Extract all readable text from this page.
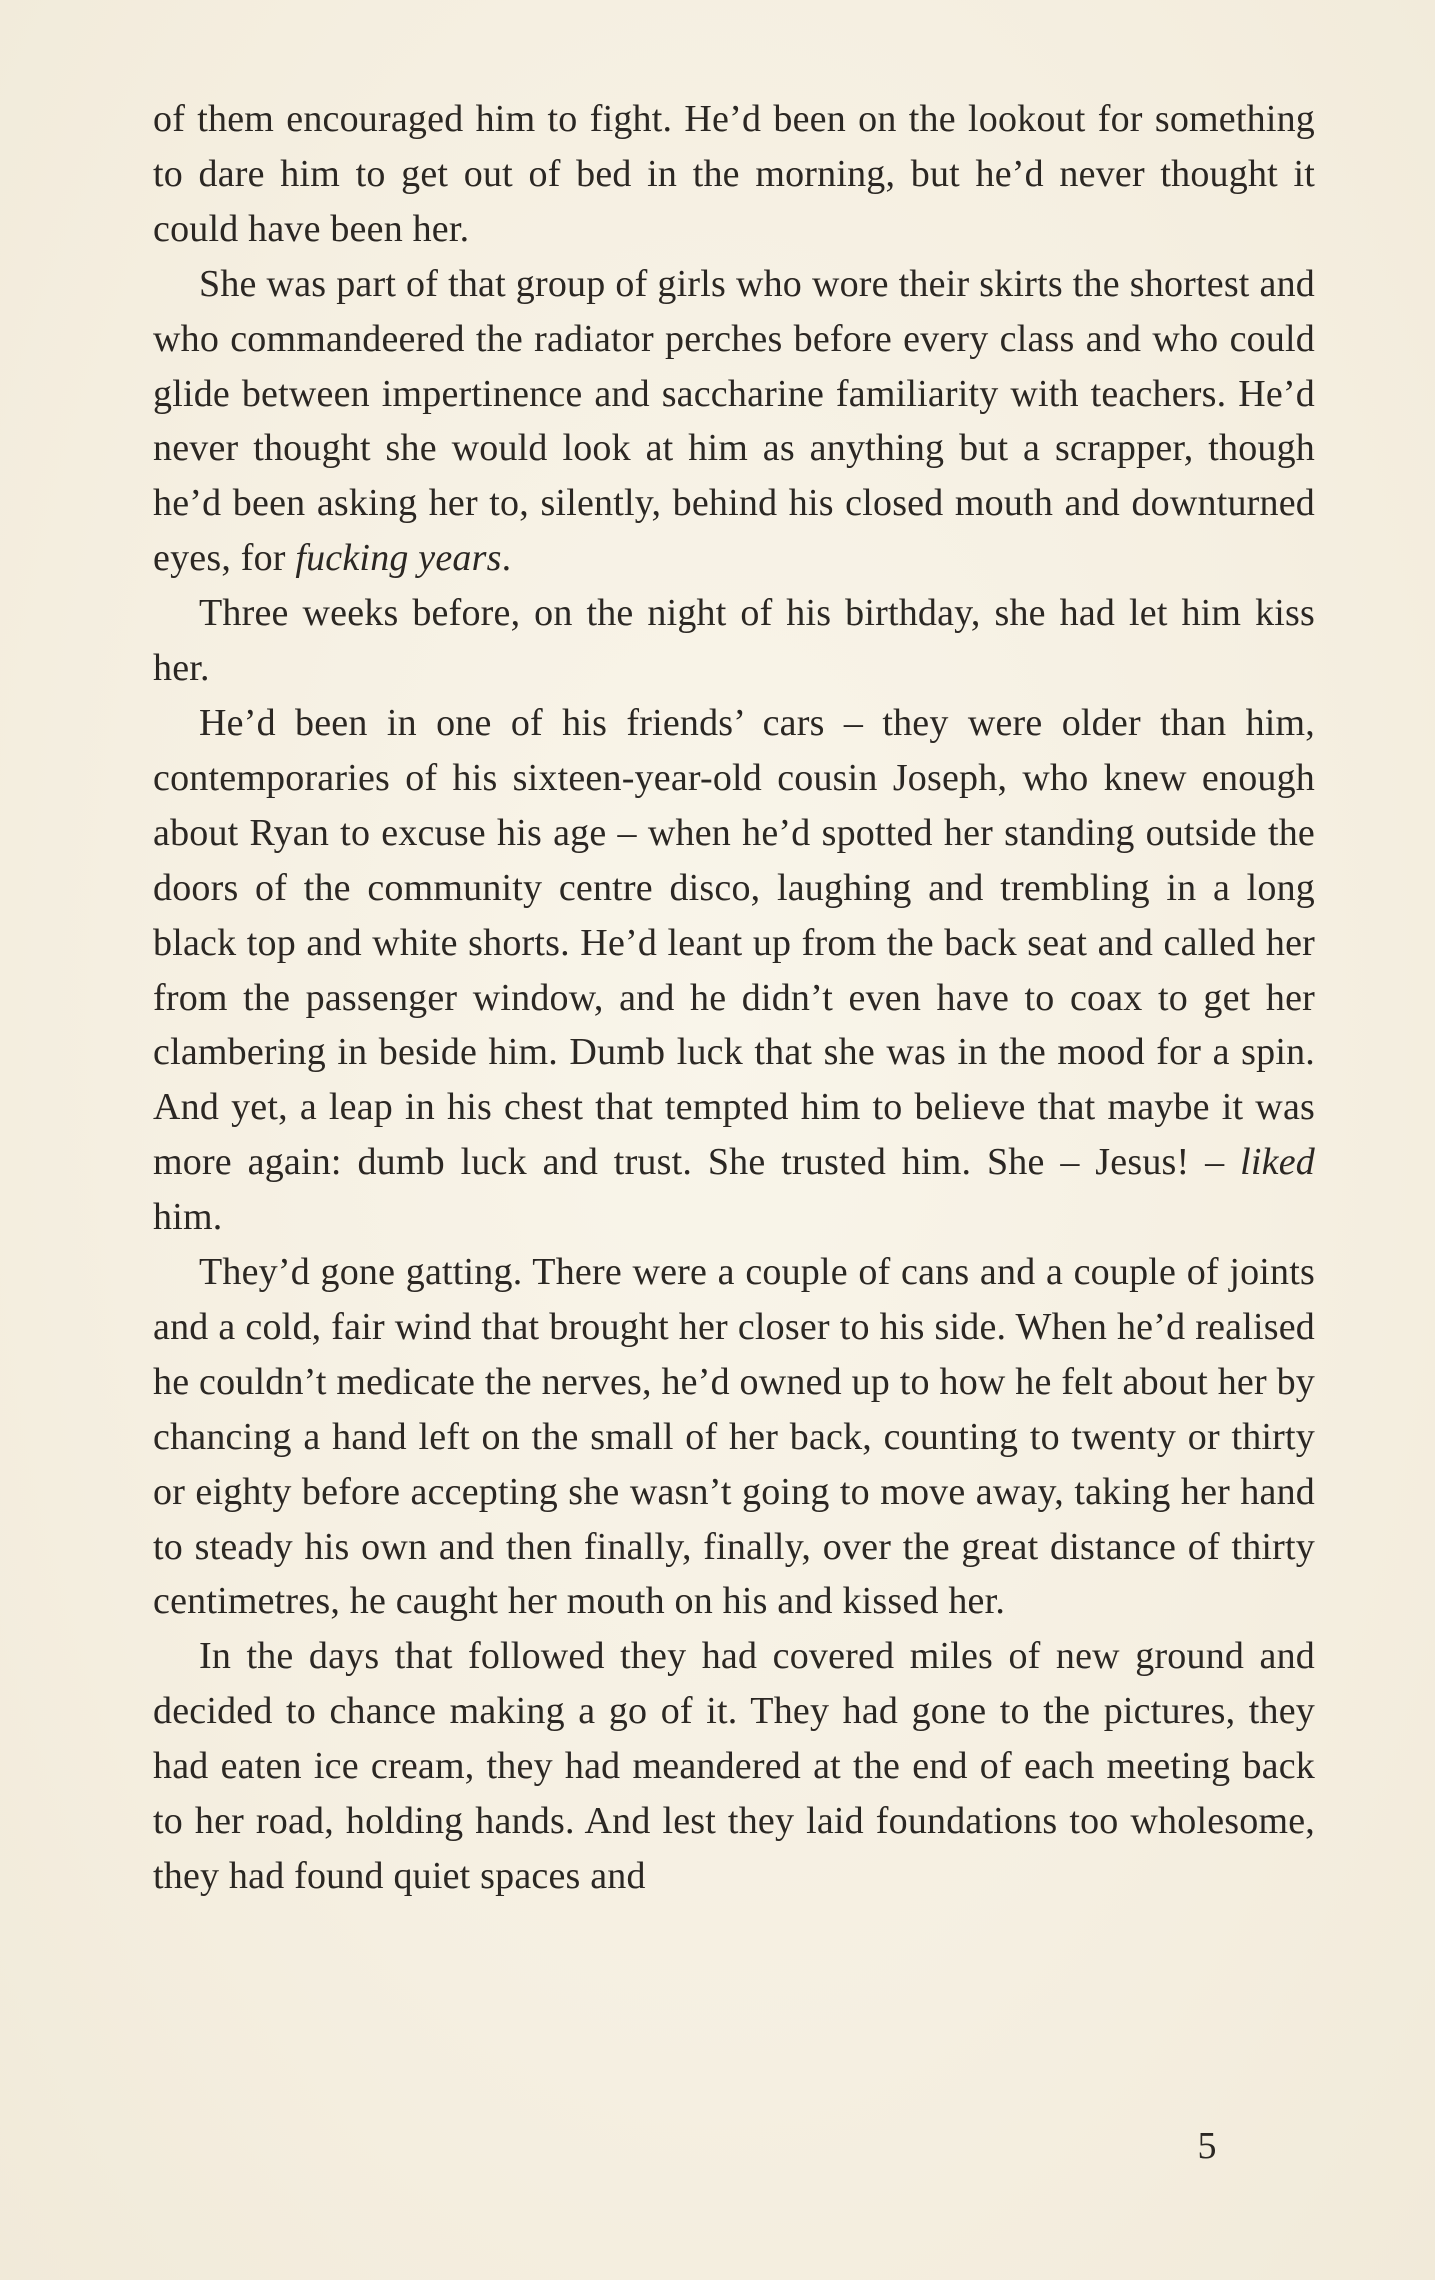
of them encouraged him to fight. He’d been on the lookout for something to dare him to get out of bed in the morning, but he’d never thought it could have been her.

She was part of that group of girls who wore their skirts the shortest and who commandeered the radiator perches before every class and who could glide between impertinence and saccharine familiarity with teachers. He’d never thought she would look at him as anything but a scrapper, though he’d been asking her to, silently, behind his closed mouth and downturned eyes, for fucking years.

Three weeks before, on the night of his birthday, she had let him kiss her.

He’d been in one of his friends’ cars – they were older than him, contemporaries of his sixteen-year-old cousin Joseph, who knew enough about Ryan to excuse his age – when he’d spotted her standing outside the doors of the community centre disco, laughing and trembling in a long black top and white shorts. He’d leant up from the back seat and called her from the passenger window, and he didn’t even have to coax to get her clambering in beside him. Dumb luck that she was in the mood for a spin. And yet, a leap in his chest that tempted him to believe that maybe it was more again: dumb luck and trust. She trusted him. She – Jesus! – liked him.

They’d gone gatting. There were a couple of cans and a couple of joints and a cold, fair wind that brought her closer to his side. When he’d realised he couldn’t medicate the nerves, he’d owned up to how he felt about her by chancing a hand left on the small of her back, counting to twenty or thirty or eighty before accepting she wasn’t going to move away, taking her hand to steady his own and then finally, finally, over the great distance of thirty centimetres, he caught her mouth on his and kissed her.

In the days that followed they had covered miles of new ground and decided to chance making a go of it. They had gone to the pictures, they had eaten ice cream, they had meandered at the end of each meeting back to her road, holding hands. And lest they laid foundations too wholesome, they had found quiet spaces and

5
